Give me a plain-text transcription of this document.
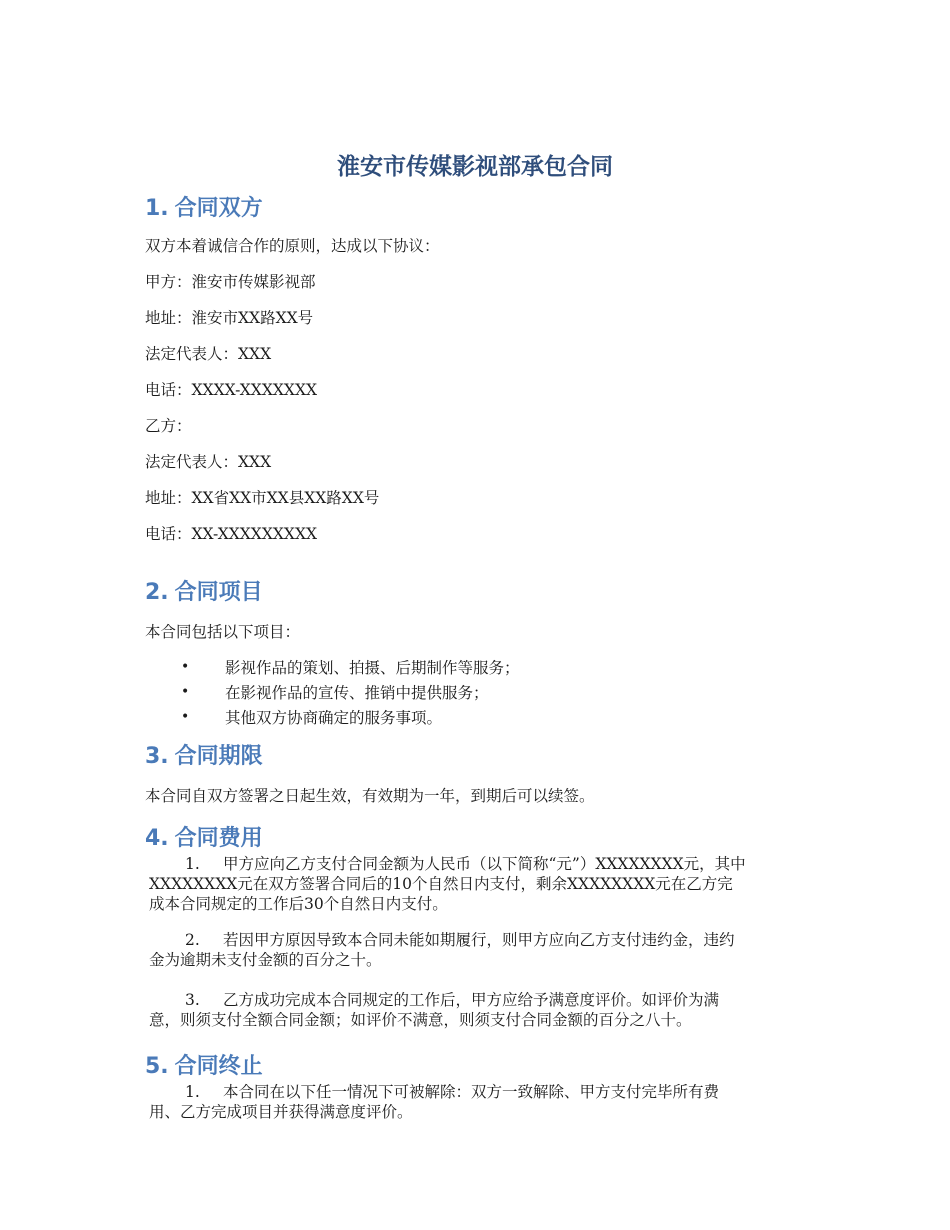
淮安市传媒影视部承包合同
1. 合同双方

双方本着诚信合作的原则，达成以下协议：

甲方：淮安市传媒影视部

地址：淮安市XX路XX号

法定代表人：XXX

电话：XXXX-XXXXXXX

乙方：

法定代表人：XXX

地址：XX省XX市XX县XX路XX号

电话：XX-XXXXXXXXX

2. 合同项目

本合同包括以下项目：

•	影视作品的策划、拍摄、后期制作等服务；
•	在影视作品的宣传、推销中提供服务；
•	其他双方协商确定的服务事项。
3. 合同期限

本合同自双方签署之日起生效，有效期为一年，到期后可以续签。

4. 合同费用

1. 甲方应向乙方支付合同金额为人民币（以下简称“元”）XXXXXXXX元，其中

XXXXXXXX元在双方签署合同后的10个自然日内支付，剩余XXXXXXXX元在乙方完

成本合同规定的工作后30个自然日内支付。

2. 若因甲方原因导致本合同未能如期履行，则甲方应向乙方支付违约金，违约

金为逾期未支付金额的百分之十。

3. 乙方成功完成本合同规定的工作后，甲方应给予满意度评价。如评价为满

意，则须支付全额合同金额；如评价不满意，则须支付合同金额的百分之八十。

5. 合同终止

1. 本合同在以下任一情况下可被解除：双方一致解除、甲方支付完毕所有费

用、乙方完成项目并获得满意度评价。
